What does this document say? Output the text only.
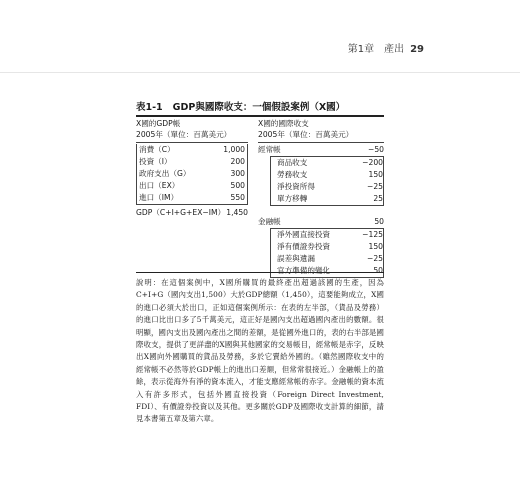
第1章　產出 29
表1-1 GDP與國際收支：一個假設案例（X國）
X國的GDP帳
2005年（單位：百萬美元）
消費（C）	1,000
投資（I）	200
政府支出（G）	300
出口（EX）	500
進口（IM）	550
GDP（C+I+G+EX−IM） 1,450
X國的國際收支
2005年（單位：百萬美元）
經常帳	−50
商品收支	−200
勞務收支	150
淨投資所得	−25
單方移轉	25
金融帳	50
淨外國直接投資	−125
淨有價證券投資	150
誤差與遺漏	−25
官方準備的變化	50
說明：在這個案例中，X國所購買的最終產出超過該國的生產，因為C+I+G（國內支出1,500）大於GDP總額（1,450），這要能夠成立，X國的進口必須大於出口，正如這個案例所示：在表的左半部，（貨品及勞務）的進口比出口多了5千萬美元，這正好是國內支出超過國內產出的數額。很明顯，國內支出及國內產出之間的差額，是從國外進口的，表的右半部是國際收支，提供了更詳盡的X國與其他國家的交易帳目，經常帳是赤字，反映出X國向外國購買的貨品及勞務，多於它賣給外國的。（雖然國際收支中的經常帳不必然等於GDP帳上的進出口差額，但常常很接近。）金融帳上的盈餘，表示從海外有淨的資本流入，才能支應經常帳的赤字。金融帳的資本流入有許多形式，包括外國直接投資（Foreign Direct Investment, FDI）、有價證券投資以及其他。更多關於GDP及國際收支計算的細節，請見本書第五章及第六章。
